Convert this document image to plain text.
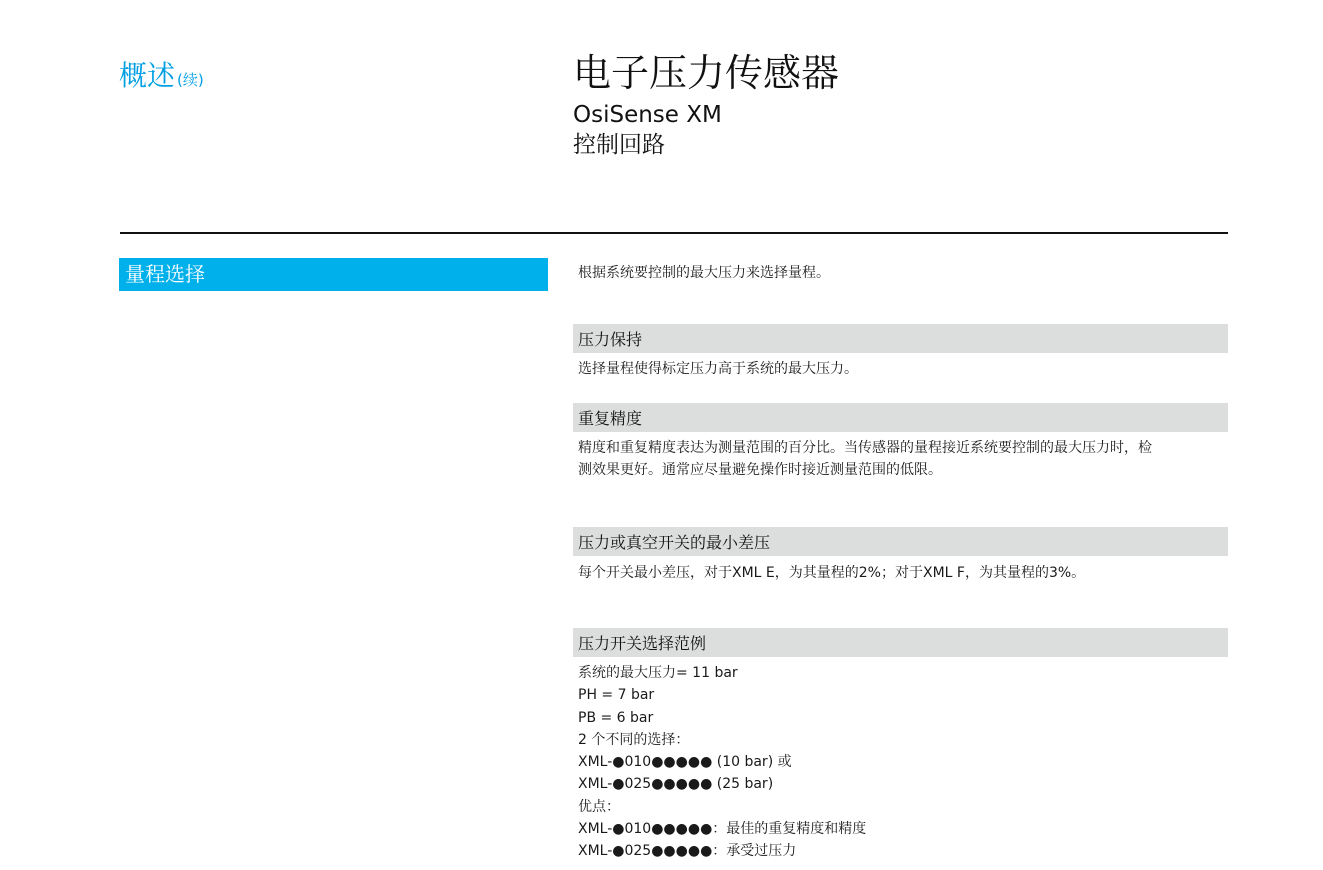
概述 (续)	电子压力传感器
OsiSense XM
控制回路
量程选择	根据系统要控制的最大压力来选择量程。
压力保持
选择量程使得标定压力高于系统的最大压力。
重复精度
精度和重复精度表达为测量范围的百分比。当传感器的量程接近系统要控制的最大压力时，检
测效果更好。通常应尽量避免操作时接近测量范围的低限。
压力或真空开关的最小差压
每个开关最小差压，对于XML E，为其量程的2%；对于XML F，为其量程的3%。
压力开关选择范例
系统的最大压力= 11 bar
PH = 7 bar
PB = 6 bar
2 个不同的选择：
XML-●010●●●●● (10 bar) 或
XML-●025●●●●● (25 bar)
优点：
XML-●010●●●●●：最佳的重复精度和精度
XML-●025●●●●●：承受过压力
